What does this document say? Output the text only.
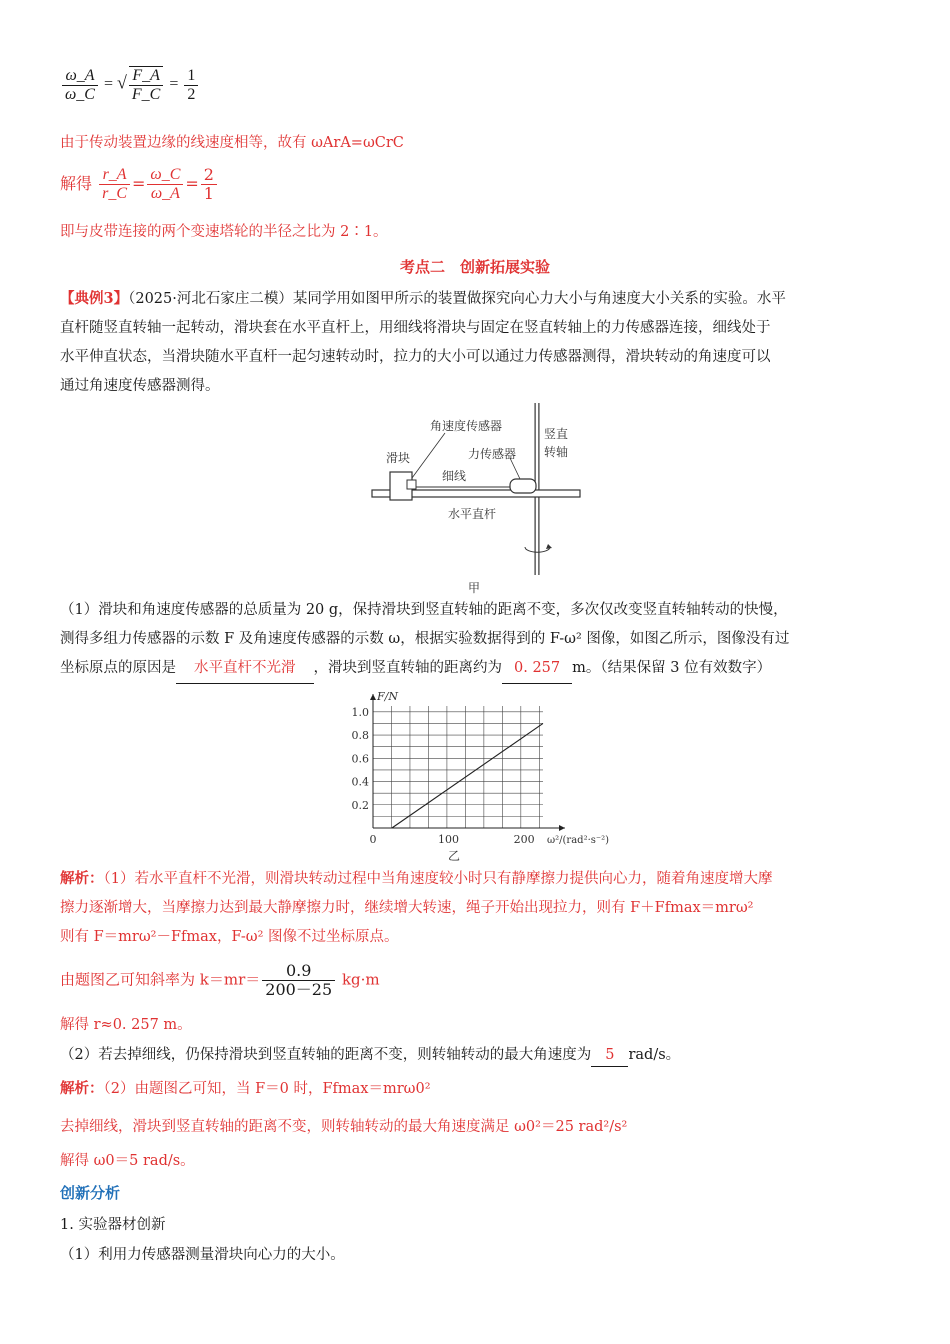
$\frac{\omega\_A}{\omega\_C}$ = √ $\frac{F\_A}{F\_C} = \frac{1}{2}$
由于传动装置边缘的线速度相等，故有 ωArA=ωCrC
解得 $\frac{r\_A}{r\_C} = \frac{\omega\_C}{\omega\_A} = \frac{2}{1}$
即与皮带连接的两个变速塔轮的半径之比为 2∶1。
考点二　创新拓展实验
【典例3】（2025·河北石家庄二模）某同学用如图甲所示的装置做探究向心力大小与角速度大小关系的实验。水平
直杆随竖直转轴一起转动，滑块套在水平直杆上，用细线将滑块与固定在竖直转轴上的力传感器连接，细线处于
水平伸直状态，当滑块随水平直杆一起匀速转动时，拉力的大小可以通过力传感器测得，滑块转动的角速度可以
通过角速度传感器测得。
角速度传感器
滑块
竖直
转轴
力传感器
细线
水平直杆
甲
（1）滑块和角速度传感器的总质量为 20 g，保持滑块到竖直转轴的距离不变，多次仅改变竖直转轴转动的快慢，
测得多组力传感器的示数 F 及角速度传感器的示数 ω，根据实验数据得到的 F-ω² 图像，如图乙所示，图像没有过
坐标原点的原因是 水平直杆不光滑 ，滑块到竖直转轴的距离约为 0. 257 m。（结果保留 3 位有效数字）
0.2
0.4
0.6
0.8
1.0
0	100	200
F/N
ω²/(rad²·s⁻²)
乙
解析：（1）若水平直杆不光滑，则滑块转动过程中当角速度较小时只有静摩擦力提供向心力，随着角速度增大摩
擦力逐渐增大，当摩擦力达到最大静摩擦力时，继续增大转速，绳子开始出现拉力，则有 F＋Ffmax＝mrω²
则有 F＝mrω²－Ffmax，F-ω² 图像不过坐标原点。
由题图乙可知斜率为 $k=mr= \frac{0.9}{200-25} kg\cdot m$
解得 r≈0. 257 m。
（2）若去掉细线，仍保持滑块到竖直转轴的距离不变，则转轴转动的最大角速度为 5 rad/s。
解析：（2）由题图乙可知，当 F＝0 时，Ffmax＝mrω0²
去掉细线，滑块到竖直转轴的距离不变，则转轴转动的最大角速度满足 ω0²＝25 rad²/s²
解得 ω0＝5 rad/s。
创新分析
1. 实验器材创新
（1）利用力传感器测量滑块向心力的大小。
